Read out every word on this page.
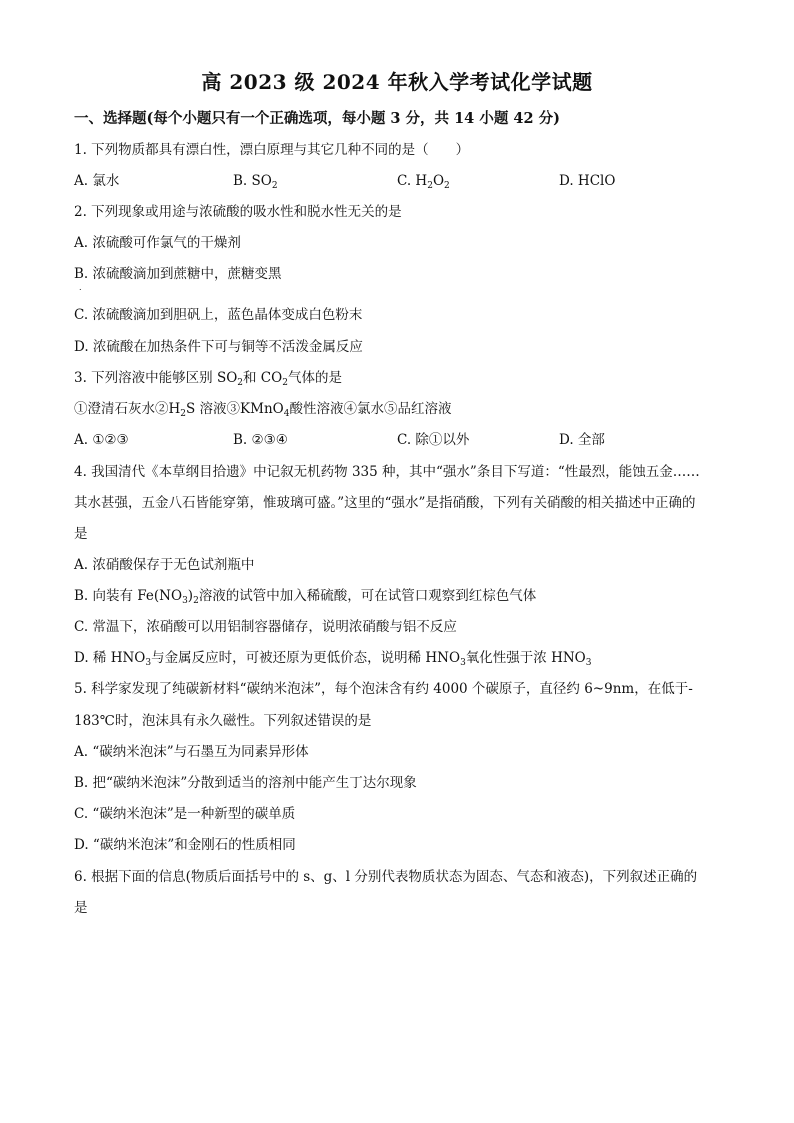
高 2023 级 2024 年秋入学考试化学试题
一、选择题(每个小题只有一个正确选项，每小题 3 分，共 14 小题 42 分)
1. 下列物质都具有漂白性，漂白原理与其它几种不同的是（　　）
A. 氯水	B. $SO_2$	C. $H_2O_2$	D. HClO
2. 下列现象或用途与浓硫酸的吸水性和脱水性无关的是
A. 浓硫酸可作氯气的干燥剂
B. 浓硫酸滴加到蔗糖中，蔗糖变黑
.
C. 浓硫酸滴加到胆矾上，蓝色晶体变成白色粉末
D. 浓硫酸在加热条件下可与铜等不活泼金属反应
3. 下列溶液中能够区别 $SO_2$和 $CO_2$气体的是
①澄清石灰水$②H_2S$ 溶液③KMnO$_4$酸性溶液④氯水⑤品红溶液
A. ①②③	B. ②③④	C. 除①以外	D. 全部
4. 我国清代《本草纲目拾遗》中记叙无机药物 335 种，其中“强水”条目下写道：“性最烈，能蚀五金……
其水甚强，五金八石皆能穿第，惟玻璃可盛。”这里的“强水”是指硝酸，下列有关硝酸的相关描述中正确的
是
A. 浓硝酸保存于无色试剂瓶中
B. 向装有 $Fe(NO_3)_2$溶液的试管中加入稀硫酸，可在试管口观察到红棕色气体
C. 常温下，浓硝酸可以用铝制容器储存，说明浓硝酸与铝不反应
D. 稀 $HNO_3$与金属反应时，可被还原为更低价态，说明稀 $HNO_3$氧化性强于浓 $HNO_3$
5. 科学家发现了纯碳新材料“碳纳米泡沫”，每个泡沫含有约 4000 个碳原子，直径约 6~9nm，在低于-
183℃时，泡沫具有永久磁性。下列叙述错误的是
A. “碳纳米泡沫”与石墨互为同素异形体
B. 把“碳纳米泡沫”分散到适当的溶剂中能产生丁达尔现象
C. “碳纳米泡沫”是一种新型的碳单质
D. “碳纳米泡沫”和金刚石的性质相同
6. 根据下面的信息(物质后面括号中的 s、g、l 分别代表物质状态为固态、气态和液态)，下列叙述正确的
是
